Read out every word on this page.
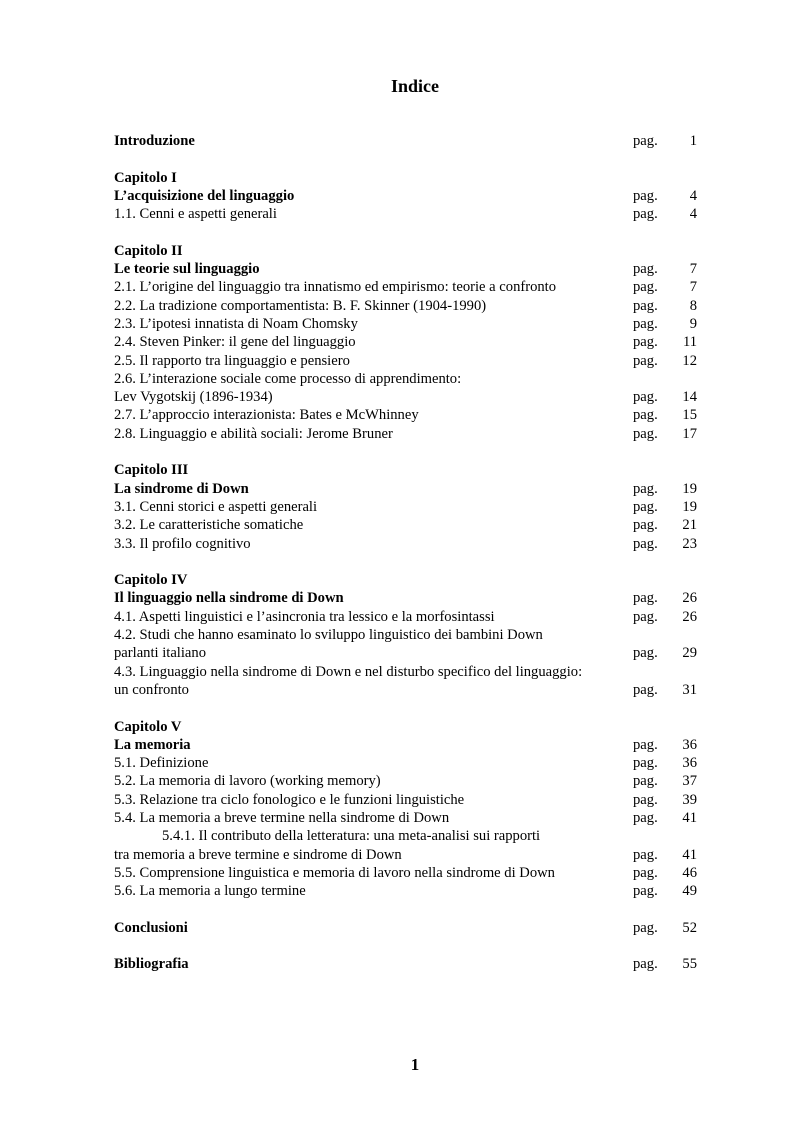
Indice
Introduzione	pag. 1
Capitolo I
L’acquisizione del linguaggio	pag. 4
1.1. Cenni e aspetti generali	pag. 4
Capitolo II
Le teorie sul linguaggio	pag. 7
2.1. L’origine del linguaggio tra innatismo ed empirismo: teorie a confronto	pag. 7
2.2. La tradizione comportamentista: B. F. Skinner (1904-1990)	pag. 8
2.3. L’ipotesi innatista di Noam Chomsky	pag. 9
2.4. Steven Pinker: il gene del linguaggio	pag. 11
2.5. Il rapporto tra linguaggio e pensiero	pag. 12
2.6. L’interazione sociale come processo di apprendimento:
Lev Vygotskij (1896-1934)	pag. 14
2.7. L’approccio interazionista: Bates e McWhinney	pag. 15
2.8. Linguaggio e abilità sociali: Jerome Bruner	pag. 17
Capitolo III
La sindrome di Down	pag. 19
3.1. Cenni storici e aspetti generali	pag. 19
3.2. Le caratteristiche somatiche	pag. 21
3.3. Il profilo cognitivo	pag. 23
Capitolo IV
Il linguaggio nella sindrome di Down	pag. 26
4.1. Aspetti linguistici e l’asincronia tra lessico e la morfosintassi	pag. 26
4.2. Studi che hanno esaminato lo sviluppo linguistico dei bambini Down
parlanti italiano	pag. 29
4.3. Linguaggio nella sindrome di Down e nel disturbo specifico del linguaggio:
un confronto	pag. 31
Capitolo V
La memoria	pag. 36
5.1. Definizione	pag. 36
5.2. La memoria di lavoro (working memory)	pag. 37
5.3. Relazione tra ciclo fonologico e le funzioni linguistiche	pag. 39
5.4. La memoria a breve termine nella sindrome di Down	pag. 41
5.4.1. Il contributo della letteratura: una meta-analisi sui rapporti
tra memoria a breve termine e sindrome di Down	pag. 41
5.5. Comprensione linguistica e memoria di lavoro nella sindrome di Down	pag. 46
5.6. La memoria a lungo termine	pag. 49
Conclusioni	pag. 52
Bibliografia	pag. 55
1
